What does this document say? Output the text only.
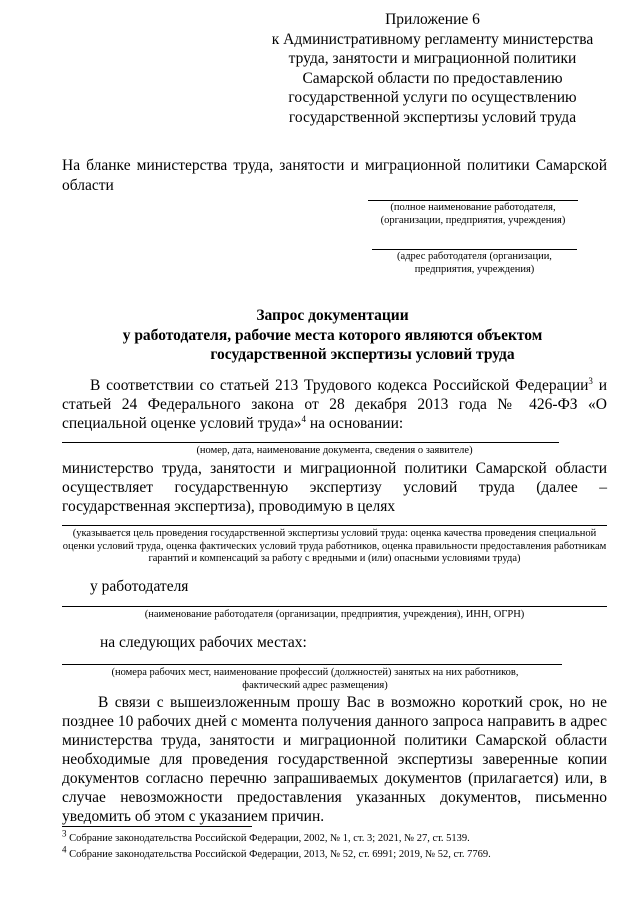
Приложение 6
к Административному регламенту министерства
труда, занятости и миграционной политики
Самарской области по предоставлению
государственной услуги по осуществлению
государственной экспертизы условий труда
На бланке министерства труда, занятости и миграционной политики Самарской области
(полное наименование работодателя, (организации, предприятия, учреждения)
(адрес работодателя (организации, предприятия, учреждения)
Запрос документации
у работодателя, рабочие места которого являются объектом
государственной экспертизы условий труда
В соответствии со статьей 213 Трудового кодекса Российской Федерации$^3$ и статьей 24 Федерального закона от 28 декабря 2013 года № 426-ФЗ «О специальной оценке условий труда»$^4$ на основании:
(номер, дата, наименование документа, сведения о заявителе)
министерство труда, занятости и миграционной политики Самарской области осуществляет государственную экспертизу условий труда (далее – государственная экспертиза), проводимую в целях
(указывается цель проведения государственной экспертизы условий труда: оценка качества проведения специальной оценки условий труда, оценка фактических условий труда работников, оценка правильности предоставления работникам гарантий и компенсаций за работу с вредными и (или) опасными условиями труда)
у работодателя
(наименование работодателя (организации, предприятия, учреждения), ИНН, ОГРН)
на следующих рабочих местах:
(номера рабочих мест, наименование профессий (должностей) занятых на них работников, фактический адрес размещения)
В связи с вышеизложенным прошу Вас в возможно короткий срок, но не позднее 10 рабочих дней с момента получения данного запроса направить в адрес министерства труда, занятости и миграционной политики Самарской области необходимые для проведения государственной экспертизы заверенные копии документов согласно перечню запрашиваемых документов (прилагается) или, в случае невозможности предоставления указанных документов, письменно уведомить об этом с указанием причин.
$^3$ Собрание законодательства Российской Федерации, 2002, № 1, ст. 3; 2021, № 27, ст. 5139.
$^4$ Собрание законодательства Российской Федерации, 2013, № 52, ст. 6991; 2019, № 52, ст. 7769.
